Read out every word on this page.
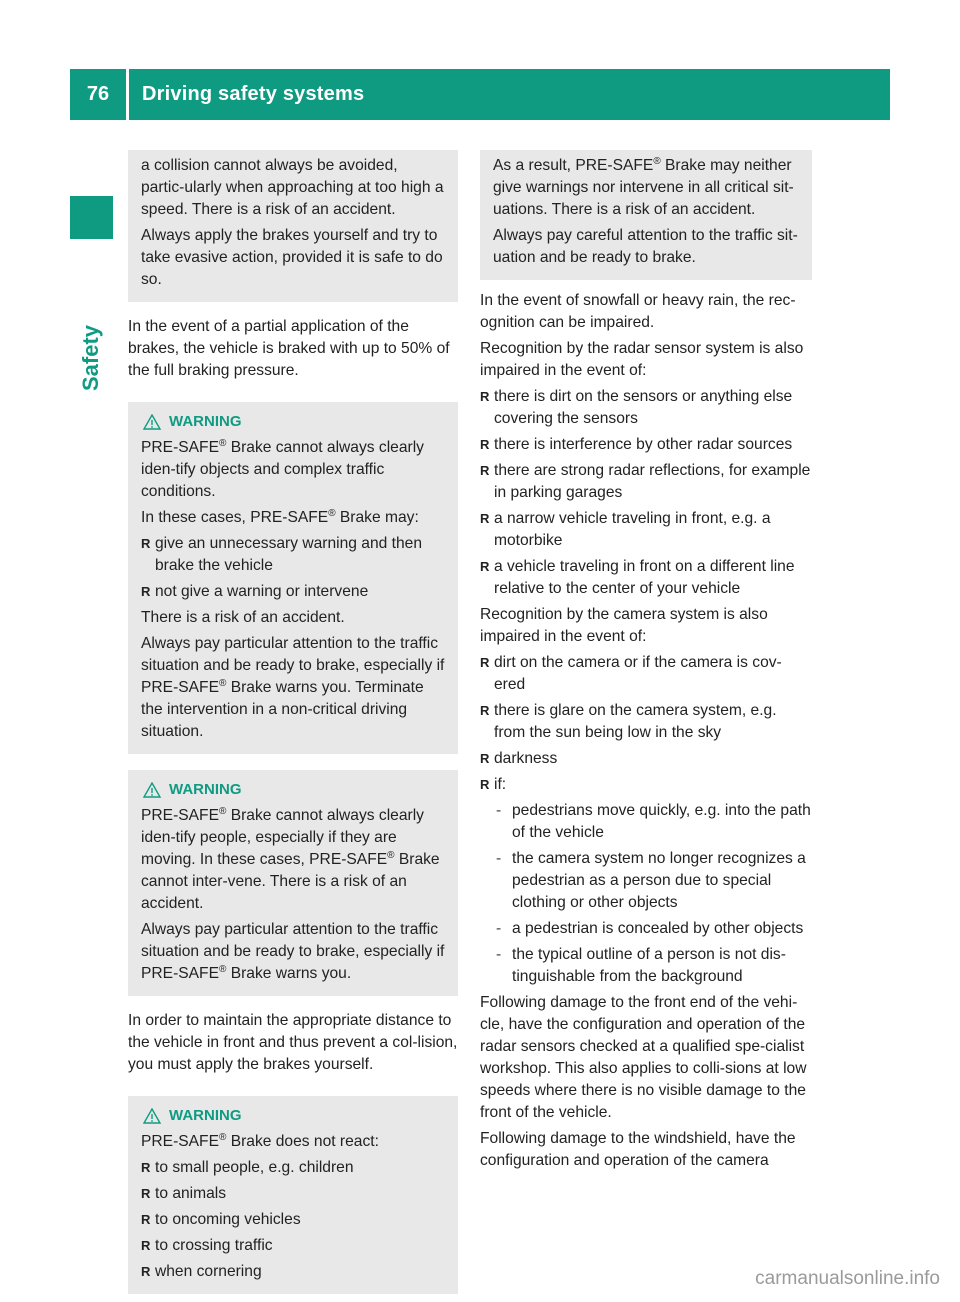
76	Driving safety systems
Safety

a collision cannot always be avoided, partic-ularly when approaching at too high a speed. There is a risk of an accident.

Always apply the brakes yourself and try to take evasive action, provided it is safe to do so.

In the event of a partial application of the brakes, the vehicle is braked with up to 50% of the full braking pressure.

WARNING

PRE-SAFE® Brake cannot always clearly iden-tify objects and complex traffic conditions.

In these cases, PRE-SAFE® Brake may:

R give an unnecessary warning and then brake the vehicle
R not give a warning or intervene

There is a risk of an accident.

Always pay particular attention to the traffic situation and be ready to brake, especially if PRE-SAFE® Brake warns you. Terminate the intervention in a non-critical driving situation.

WARNING

PRE-SAFE® Brake cannot always clearly iden-tify people, especially if they are moving. In these cases, PRE-SAFE® Brake cannot inter-vene. There is a risk of an accident.

Always pay particular attention to the traffic situation and be ready to brake, especially if PRE-SAFE® Brake warns you.

In order to maintain the appropriate distance to the vehicle in front and thus prevent a col-lision, you must apply the brakes yourself.

WARNING

PRE-SAFE® Brake does not react:

R to small people, e.g. children
R to animals
R to oncoming vehicles
R to crossing traffic
R when cornering

As a result, PRE-SAFE® Brake may neither give warnings nor intervene in all critical sit-uations. There is a risk of an accident.

Always pay careful attention to the traffic sit-uation and be ready to brake.

In the event of snowfall or heavy rain, the rec-ognition can be impaired.

Recognition by the radar sensor system is also impaired in the event of:

R there is dirt on the sensors or anything else covering the sensors
R there is interference by other radar sources
R there are strong radar reflections, for example in parking garages
R a narrow vehicle traveling in front, e.g. a motorbike
R a vehicle traveling in front on a different line relative to the center of your vehicle

Recognition by the camera system is also impaired in the event of:

R dirt on the camera or if the camera is cov-ered
R there is glare on the camera system, e.g. from the sun being low in the sky
R darkness
R if:
- pedestrians move quickly, e.g. into the path of the vehicle
- the camera system no longer recognizes a pedestrian as a person due to special clothing or other objects
- a pedestrian is concealed by other objects
- the typical outline of a person is not dis-tinguishable from the background

Following damage to the front end of the vehi-cle, have the configuration and operation of the radar sensors checked at a qualified spe-cialist workshop. This also applies to colli-sions at low speeds where there is no visible damage to the front of the vehicle.

Following damage to the windshield, have the configuration and operation of the camera

carmanualsonline.info
